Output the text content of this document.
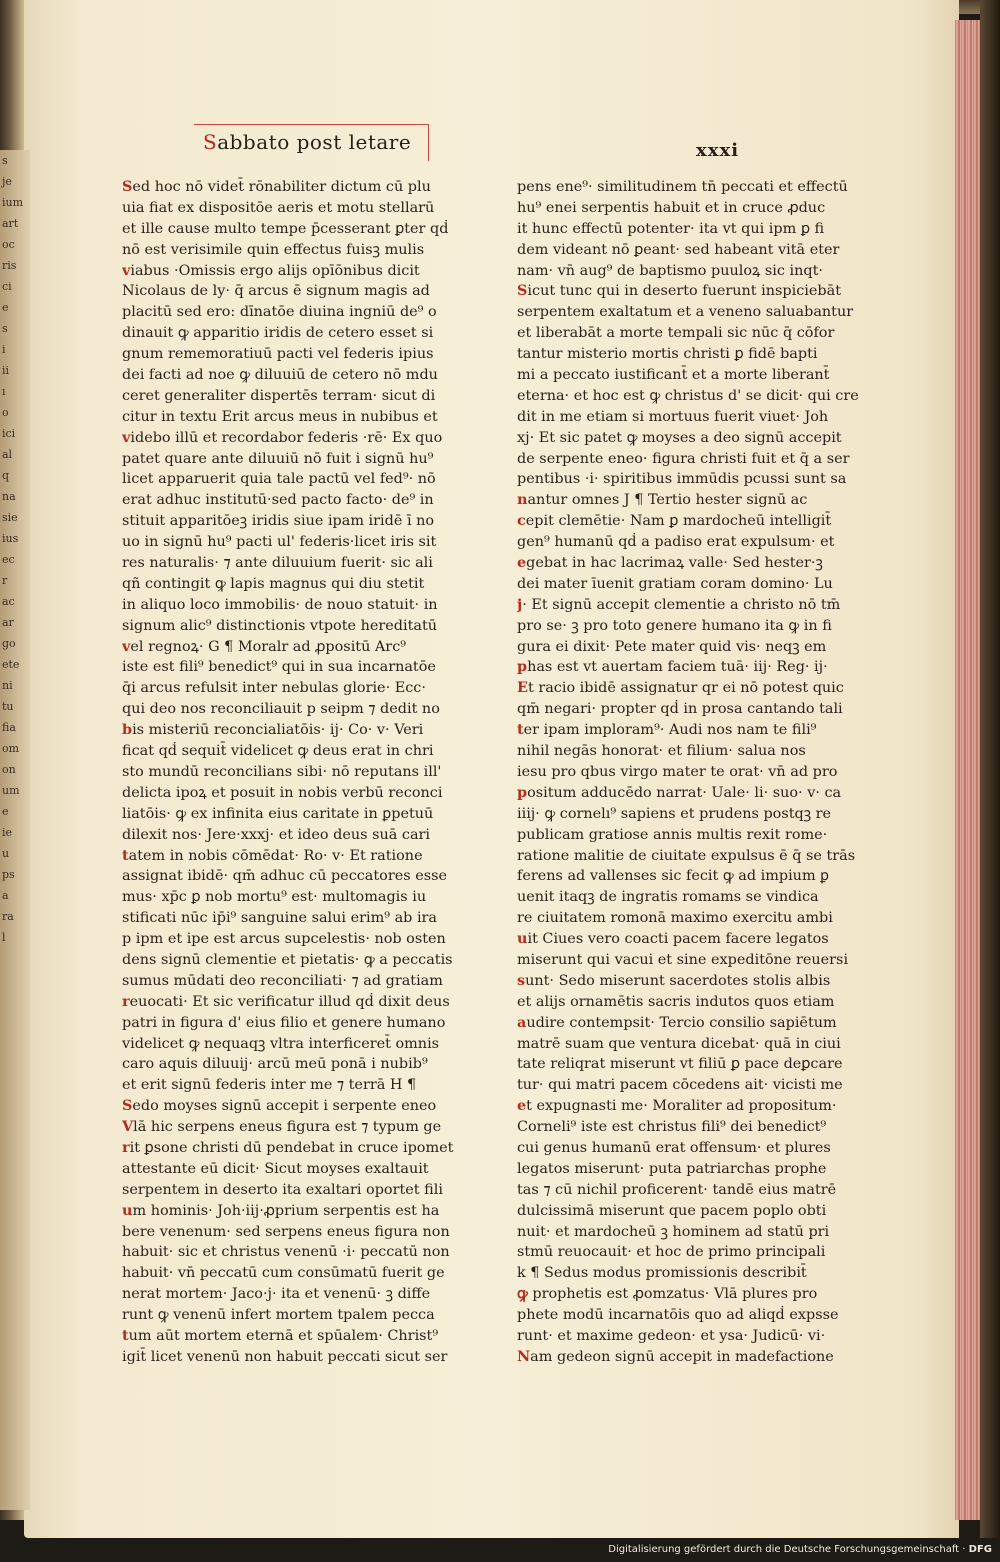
s
je
ium
art
oc
ris
ci
e
s
i
ii
ı
o
ici
al
q
na
sie
ius
ec
r
ac
ar
go
ete
ni
tu
fia
om
on
um
e
ie
u
ps
a
ra
l
Sabbato post letare	xxxi
Sed hoc nō videt̄ rōnabiliter dictum cū plu
uia fiat ex dispositōe aeris et motu stellarū
et ille cause multo tempe p̄cesserant ꝑter qḋ
nō est verisimile quin effectus fuisꝫ mulis
viabus ·Omissis ergo alijs opīōnibus dicit
Nicolaus de ly· q̄ arcus ē signum magis ad
placitū sed ero: dīnatōe diuina ingniū de⁹ o
dinauit ꝙ apparitio iridis de cetero esset si
gnum rememoratiuū pacti vel federis ipius
dei facti ad noe ꝙ diluuiū de cetero nō mdu
ceret generaliter dispertēs terram· sicut di
citur in textu Erit arcus meus in nubibus et
videbo illū et recordabor federis ·rē· Ex quo
patet quare ante diluuiū nō fuit i signū hu⁹
licet apparuerit quia tale pactū vel fed⁹· nō
erat adhuc institutū·sed pacto facto· de⁹ in
stituit apparitōeꝫ iridis siue ipam iridē ī no
uo in signū hu⁹ pacti ul' federis·licet iris sit
res naturalis· ⁊ ante diluuium fuerit· sic ali
qñ contingit ꝙ lapis magnus qui diu stetit
in aliquo loco immobilis· de nouo statuit· in
signum alic⁹ distinctionis vtpote hereditatū
vel regnoꝝ· G ¶ Moralr ad ꝓpositū Arc⁹
iste est fili⁹ benedict⁹ qui in sua incarnatōe
q̄i arcus refulsit inter nebulas glorie· Ecc·
qui deo nos reconciliauit p seipm ⁊ dedit no
bis misteriū reconcialiatōis· ij· Co· v· Veri
ficat qḋ sequit̄ videlicet ꝙ deus erat in chri
sto mundū reconcilians sibi· nō reputans ill'
delicta ipoꝝ et posuit in nobis verbū reconci
liatōis· ꝙ ex infinita eius caritate in ꝑpetuū
dilexit nos· Jere·xxxj· et ideo deus suā cari
tatem in nobis cōmēdat· Ro· v· Et ratione
assignat ibidē· qm̄ adhuc cū peccatores esse
mus· xp̄c ꝑ nob mortu⁹ est· multomagis iu
stificati nūc ip̄i⁹ sanguine salui erim⁹ ab ira
p ipm et ipe est arcus supcelestis· nob osten
dens signū clementie et pietatis· ꝙ a peccatis
sumus mūdati deo reconciliati· ⁊ ad gratiam
reuocati· Et sic verificatur illud qḋ dixit deus
patri in figura d' eius filio et genere humano
videlicet ꝙ nequaqꝫ vltra interficeret̄ omnis
caro aquis diluuij· arcū meū ponā i nubib⁹
et erit signū federis inter me ⁊ terrā H ¶
Sedo moyses signū accepit i serpente eneo
Vlā hic serpens eneus figura est ⁊ typum ge
rit ꝑsone christi dū pendebat in cruce ipomet
attestante eū dicit· Sicut moyses exaltauit
serpentem in deserto ita exaltari oportet fili
um hominis· Joh·iij·ꝓprium serpentis est ha
bere venenum· sed serpens eneus figura non
habuit· sic et christus venenū ·i· peccatū non
habuit· vn̄ peccatū cum consūmatū fuerit ge
nerat mortem· Jaco·j· ita et venenū· ꝫ diffe
runt ꝙ venenū infert mortem tpalem pecca
tum aūt mortem eternā et spūalem· Christ⁹
igit̄ licet venenū non habuit peccati sicut ser
pens ene⁹· similitudinem tn̄ peccati et effectū
hu⁹ enei serpentis habuit et in cruce ꝓduc
it hunc effectū potenter· ita vt qui ipm ꝑ fi
dem videant nō ꝑeant· sed habeant vitā eter
nam· vn̄ aug⁹ de baptismo puuloꝝ sic inqt·
Sicut tunc qui in deserto fuerunt inspiciebāt
serpentem exaltatum et a veneno saluabantur
et liberabāt a morte tempali sic nūc q̄ cōfor
tantur misterio mortis christi ꝑ fidē bapti
mi a peccato iustificant̄ et a morte liberant̄
eterna· et hoc est ꝙ christus d' se dicit· qui cre
dit in me etiam si mortuus fuerit viuet· Joh
xj· Et sic patet ꝙ moyses a deo signū accepit
de serpente eneo· figura christi fuit et q̄ a ser
pentibus ·i· spiritibus immūdis pcussi sunt sa
nantur omnes J ¶ Tertio hester signū ac
cepit clemētie· Nam ꝑ mardocheū intelligit̄
gen⁹ humanū qḋ a padiso erat expulsum· et
egebat in hac lacrimaꝝ valle· Sed hester·ꝫ
dei mater īuenit gratiam coram domino· Lu
j· Et signū accepit clementie a christo nō tm̄
pro se· ꝫ pro toto genere humano ita ꝙ in fi
gura ei dixit· Pete mater quid vis· neqꝫ em
phas est vt auertam faciem tuā· iij· Reg· ij·
Et racio ibidē assignatur qr ei nō potest quic
qm̄ negari· propter qḋ in prosa cantando tali
ter ipam imploram⁹· Audi nos nam te fili⁹
nihil negās honorat· et filium· salua nos
iesu pro qbus virgo mater te orat· vn̄ ad pro
positum adducēdo narrat· Uale· li· suo· v· ca
iiij· ꝙ cornelı⁹ sapiens et prudens postqꝫ re
publicam gratiose annis multis rexit rome·
ratione malitie de ciuitate expulsus ē q̄ se trās
ferens ad vallenses sic fecit ꝙ ad impium ꝑ
uenit itaqꝫ de ingratis romams se vindica
re ciuitatem romonā maximo exercitu ambi
uit Ciues vero coacti pacem facere legatos
miserunt qui vacui et sine expeditōne reuersi
sunt· Sedo miserunt sacerdotes stolis albis
et alijs ornamētis sacris indutos quos etiam
audire contempsit· Tercio consilio sapiētum
matrē suam que ventura dicebat· quā in ciui
tate reliqrat miserunt vt filiū ꝑ pace deꝑcare
tur· qui matri pacem cōcedens ait· vicisti me
et expugnasti me· Moraliter ad propositum·
Corneli⁹ iste est christus fili⁹ dei benedict⁹
cui genus humanū erat offensum· et plures
legatos miserunt· puta patriarchas prophe
tas ⁊ cū nichil proficerent· tandē eius matrē
dulcissimā miserunt que pacem poplo obti
nuit· et mardocheū ꝫ hominem ad statū pri
stmū reuocauit· et hoc de primo principali
k ¶ Sedus modus promissionis describit̄
ꝙ prophetis est ꝓomzatus· Vlā plures pro
phete modū incarnatōis quo ad aliqḋ expsse
runt· et maxime gedeon· et ysa· Judicū· vi·
Nam gedeon signū accepit in madefactione
Digitalisierung gefördert durch die Deutsche Forschungsgemeinschaft · DFG
